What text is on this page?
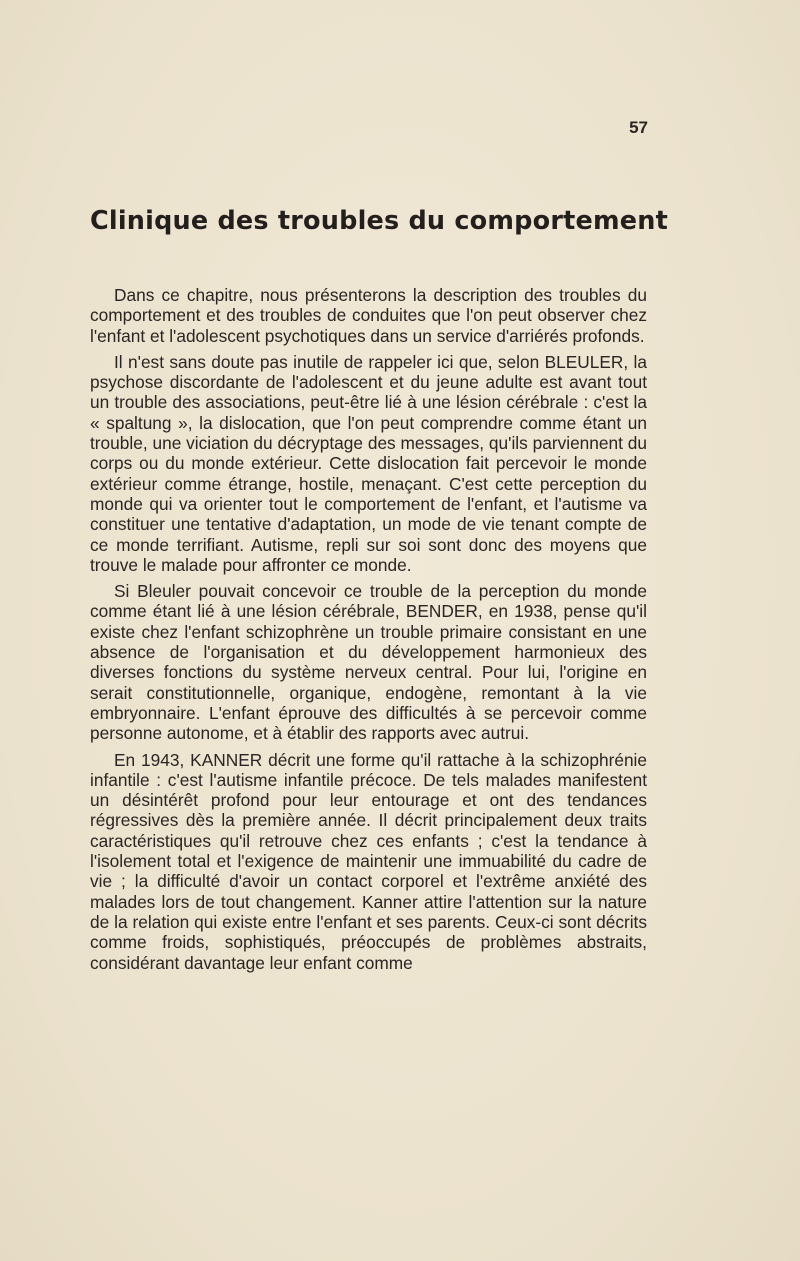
57
Clinique des troubles du comportement

Dans ce chapitre, nous présenterons la description des troubles du comportement et des troubles de conduites que l'on peut observer chez l'enfant et l'adolescent psychotiques dans un service d'arriérés profonds.

Il n'est sans doute pas inutile de rappeler ici que, selon BLEULER, la psychose discordante de l'adolescent et du jeune adulte est avant tout un trouble des associations, peut-être lié à une lésion cérébrale : c'est la « spaltung », la dislocation, que l'on peut comprendre comme étant un trouble, une viciation du décryptage des messages, qu'ils parviennent du corps ou du monde extérieur. Cette dislocation fait percevoir le monde extérieur comme étrange, hostile, menaçant. C'est cette perception du monde qui va orienter tout le comportement de l'enfant, et l'autisme va constituer une tentative d'adaptation, un mode de vie tenant compte de ce monde terrifiant. Autisme, repli sur soi sont donc des moyens que trouve le malade pour affronter ce monde.

Si Bleuler pouvait concevoir ce trouble de la perception du monde comme étant lié à une lésion cérébrale, BENDER, en 1938, pense qu'il existe chez l'enfant schizophrène un trouble primaire consistant en une absence de l'organisation et du développement harmonieux des diverses fonctions du système nerveux central. Pour lui, l'origine en serait constitutionnelle, organique, endogène, remontant à la vie embryonnaire. L'enfant éprouve des difficultés à se percevoir comme personne autonome, et à établir des rapports avec autrui.

En 1943, KANNER décrit une forme qu'il rattache à la schizophrénie infantile : c'est l'autisme infantile précoce. De tels malades manifestent un désintérêt profond pour leur entourage et ont des tendances régressives dès la première année. Il décrit principalement deux traits caractéristiques qu'il retrouve chez ces enfants ; c'est la tendance à l'isolement total et l'exigence de maintenir une immuabilité du cadre de vie ; la difficulté d'avoir un contact corporel et l'extrême anxiété des malades lors de tout changement. Kanner attire l'attention sur la nature de la relation qui existe entre l'enfant et ses parents. Ceux-ci sont décrits comme froids, sophistiqués, préoccupés de problèmes abstraits, considérant davantage leur enfant comme
